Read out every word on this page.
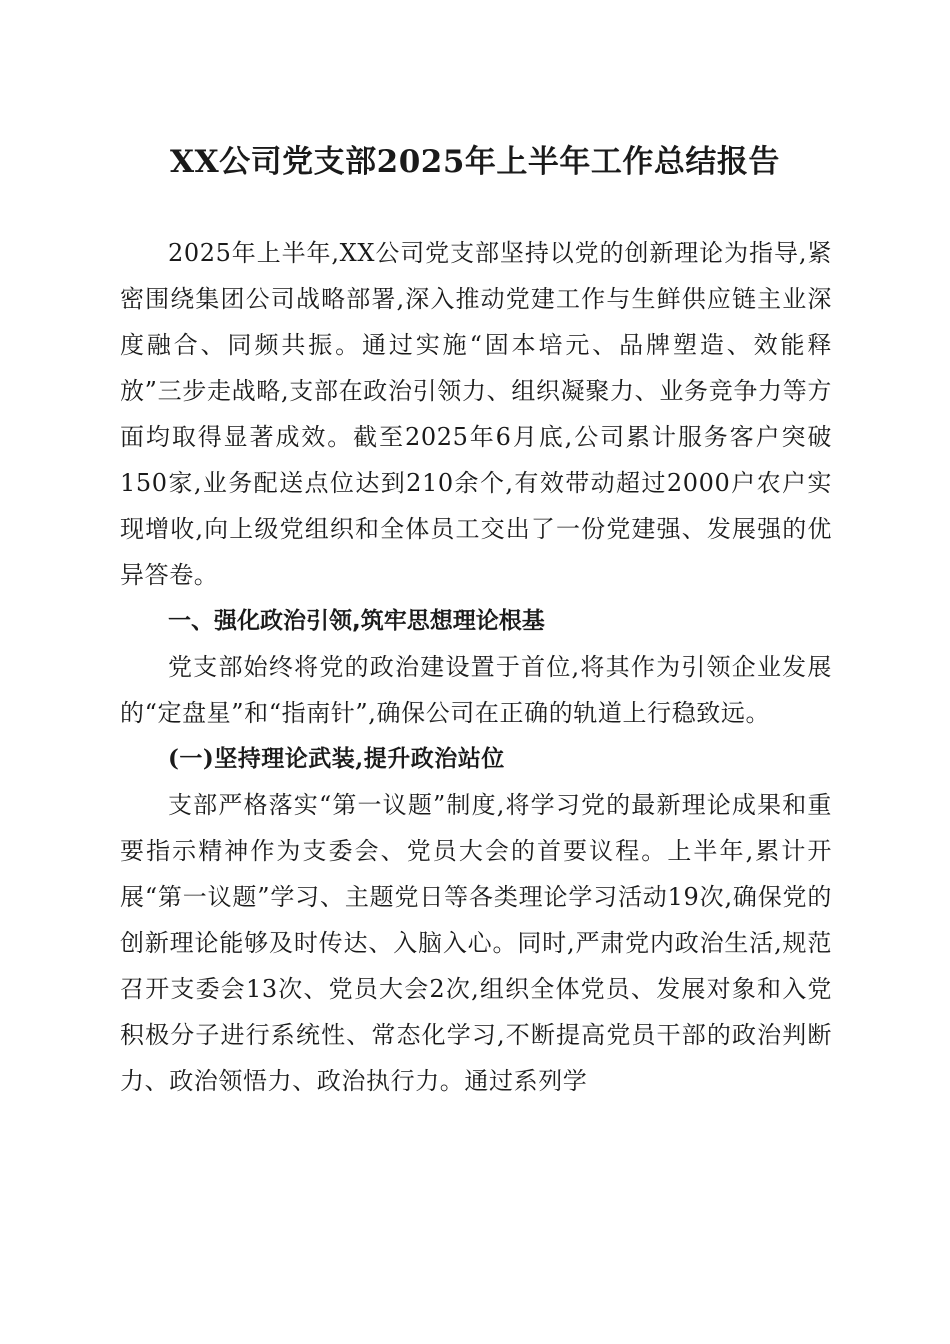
XX公司党支部2025年上半年工作总结报告

2025年上半年,XX公司党支部坚持以党的创新理论为指导,紧密围绕集团公司战略部署,深入推动党建工作与生鲜供应链主业深度融合、同频共振。通过实施“固本培元、品牌塑造、效能释放”三步走战略,支部在政治引领力、组织凝聚力、业务竞争力等方面均取得显著成效。截至2025年6月底,公司累计服务客户突破150家,业务配送点位达到210余个,有效带动超过2000户农户实现增收,向上级党组织和全体员工交出了一份党建强、发展强的优异答卷。

一、强化政治引领,筑牢思想理论根基

党支部始终将党的政治建设置于首位,将其作为引领企业发展的“定盘星”和“指南针”,确保公司在正确的轨道上行稳致远。

(一)坚持理论武装,提升政治站位

支部严格落实“第一议题”制度,将学习党的最新理论成果和重要指示精神作为支委会、党员大会的首要议程。上半年,累计开展“第一议题”学习、主题党日等各类理论学习活动19次,确保党的创新理论能够及时传达、入脑入心。同时,严肃党内政治生活,规范召开支委会13次、党员大会2次,组织全体党员、发展对象和入党积极分子进行系统性、常态化学习,不断提高党员干部的政治判断力、政治领悟力、政治执行力。通过系列学
